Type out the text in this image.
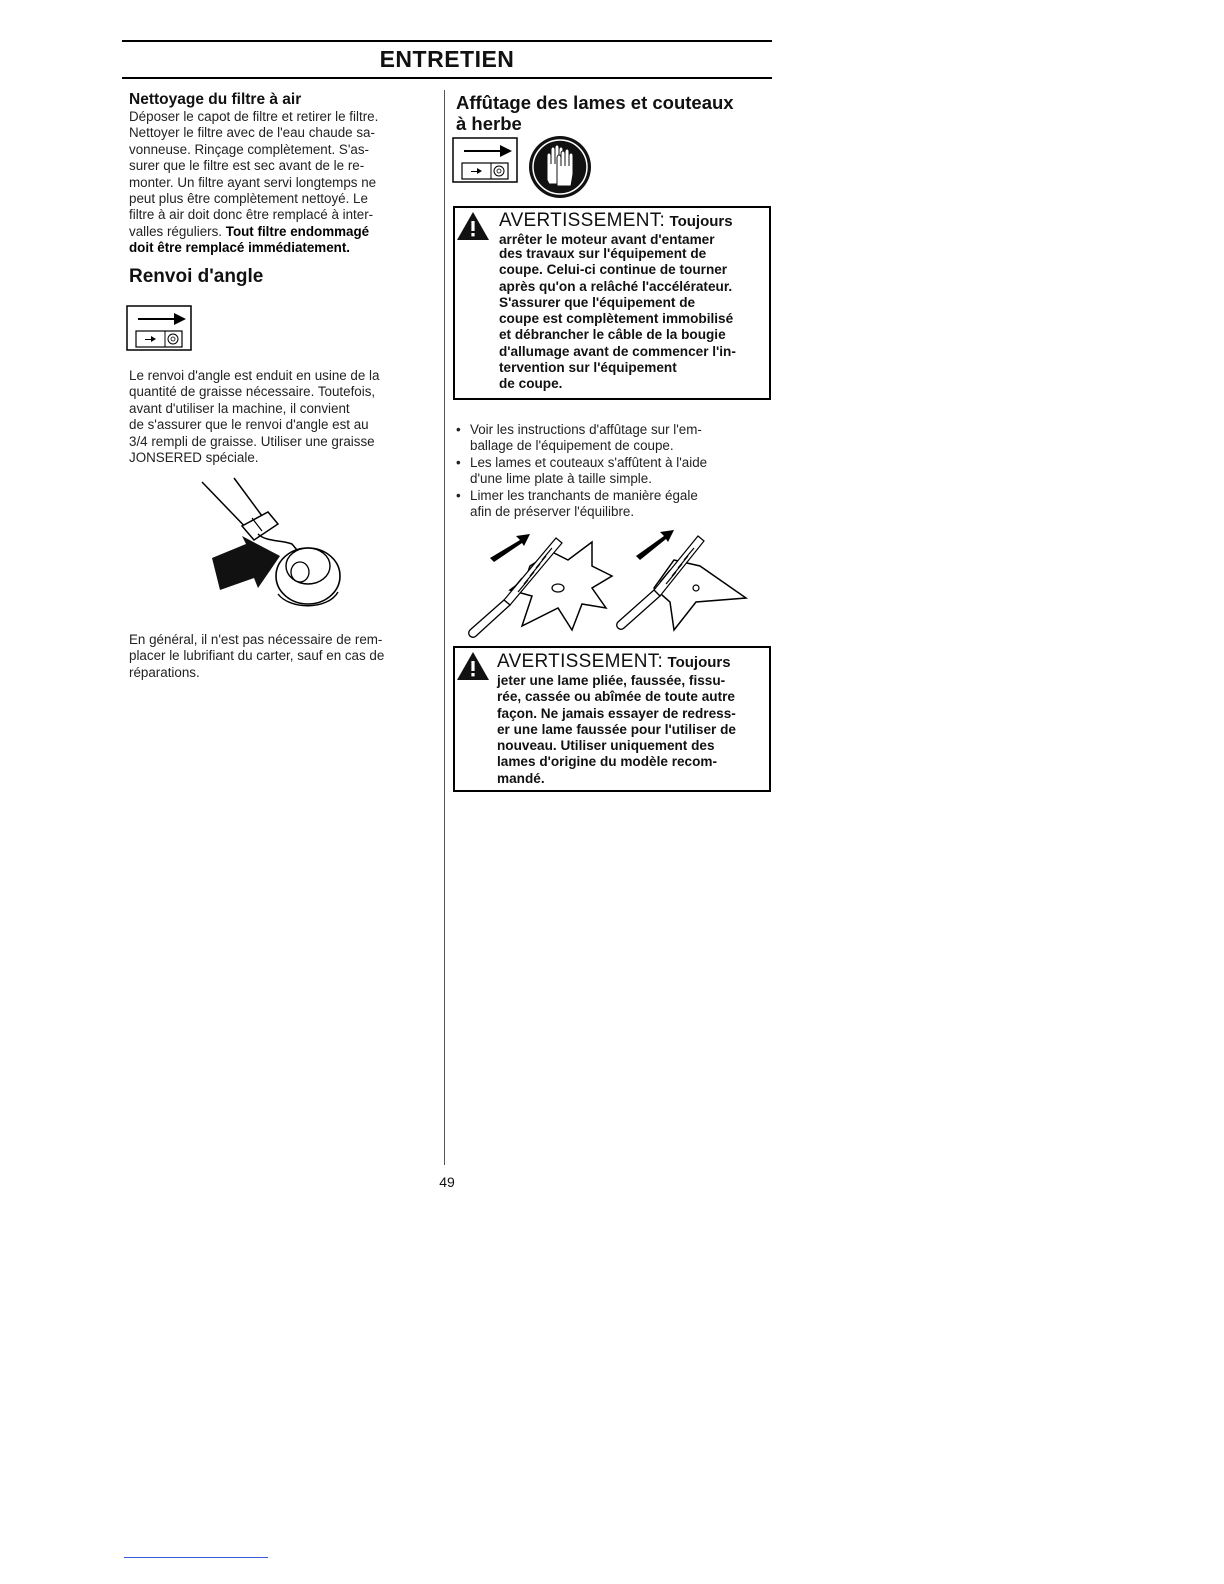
ENTRETIEN

Nettoyage du filtre à air

Déposer le capot de filtre et retirer le filtre.

Nettoyer le filtre avec de l'eau chaude sa-

vonneuse. Rinçage complètement. S'as-

surer que le filtre est sec avant de le re-

monter. Un filtre ayant servi longtemps ne

peut plus être complètement nettoyé. Le

filtre à air doit donc être remplacé à inter-

valles réguliers. Tout filtre endommagé

doit être remplacé immédiatement.

Renvoi d'angle

Le renvoi d'angle est enduit en usine de la

quantité de graisse nécessaire. Toutefois,

avant d'utiliser la machine, il convient

de s'assurer que le renvoi d'angle est au

3/4 rempli de graisse. Utiliser une graisse

JONSERED spéciale.

En général, il n'est pas nécessaire de rem-

placer le lubrifiant du carter, sauf en cas de

réparations.

Affûtage des lames et couteaux

à herbe

AVERTISSEMENT: Toujours
arrêter le moteur avant d'entamer
des travaux sur l'équipement de
coupe. Celui-ci continue de tourner
après qu'on a relâché l'accélérateur.
S'assurer que l'équipement de
coupe est complètement immobilisé
et débrancher le câble de la bougie
d'allumage avant de commencer l'in-
tervention sur l'équipement
de coupe.
• Voir les instructions d'affûtage sur l'em-
ballage de l'équipement de coupe.
• Les lames et couteaux s'affûtent à l'aide
d'une lime plate à taille simple.
• Limer les tranchants de manière égale
afin de préserver l'équilibre.
AVERTISSEMENT: Toujours
jeter une lame pliée, faussée, fissu-
rée, cassée ou abîmée de toute autre
façon. Ne jamais essayer de redress-
er une lame faussée pour l'utiliser de
nouveau. Utiliser uniquement des
lames d'origine du modèle recom-
mandé.
49
